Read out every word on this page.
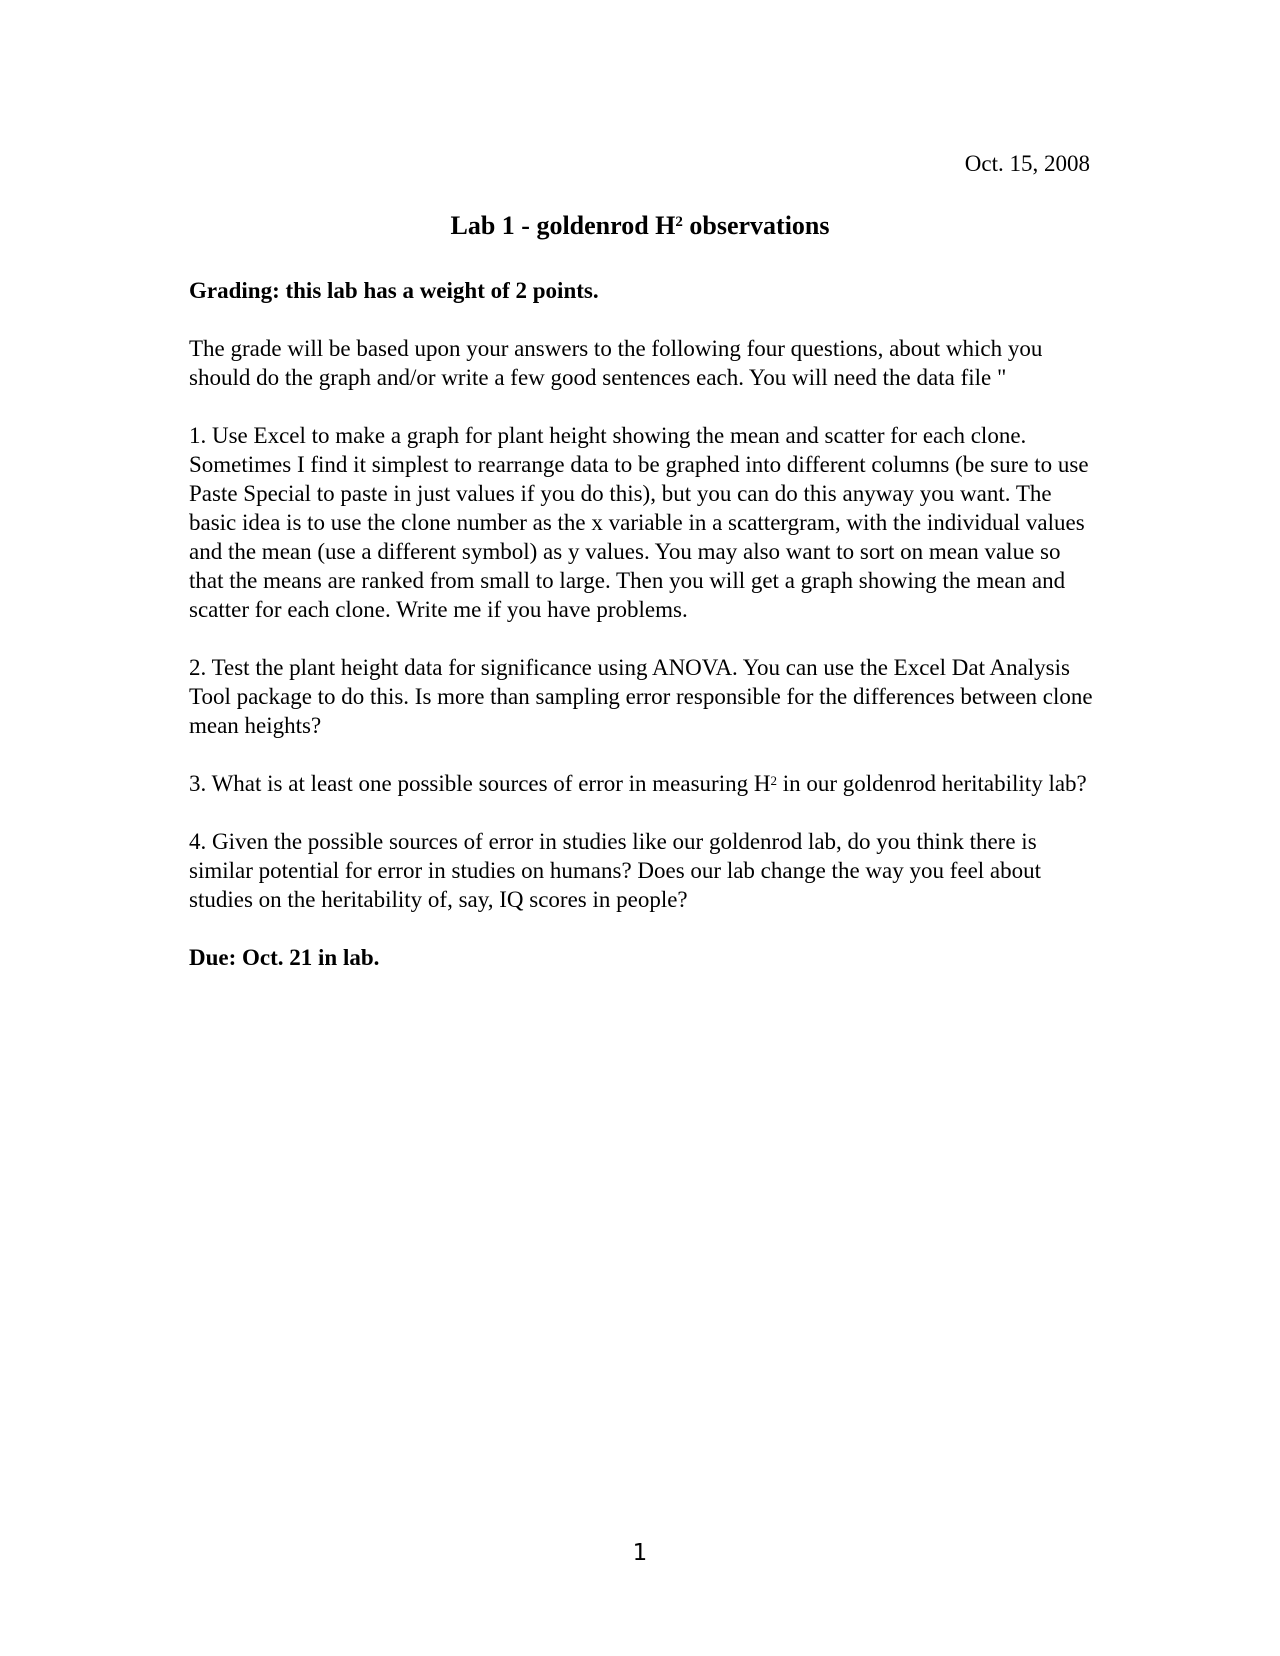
Oct. 15, 2008
Lab 1 - goldenrod $H^2$ observations

Grading: this lab has a weight of 2 points.

The grade will be based upon your answers to the following four questions, about which you should do the graph and/or write a few good sentences each. You will need the data file "

1. Use Excel to make a graph for plant height showing the mean and scatter for each clone. Sometimes I find it simplest to rearrange data to be graphed into different columns (be sure to use Paste Special to paste in just values if you do this), but you can do this anyway you want. The basic idea is to use the clone number as the x variable in a scattergram, with the individual values and the mean (use a different symbol) as y values. You may also want to sort on mean value so that the means are ranked from small to large. Then you will get a graph showing the mean and scatter for each clone. Write me if you have problems.

2. Test the plant height data for significance using ANOVA. You can use the Excel Dat Analysis Tool package to do this. Is more than sampling error responsible for the differences between clone mean heights?

3. What is at least one possible sources of error in measuring $H^2$ in our goldenrod heritability lab?

4. Given the possible sources of error in studies like our goldenrod lab, do you think there is similar potential for error in studies on humans? Does our lab change the way you feel about studies on the heritability of, say, IQ scores in people?

Due: Oct. 21 in lab.

1
